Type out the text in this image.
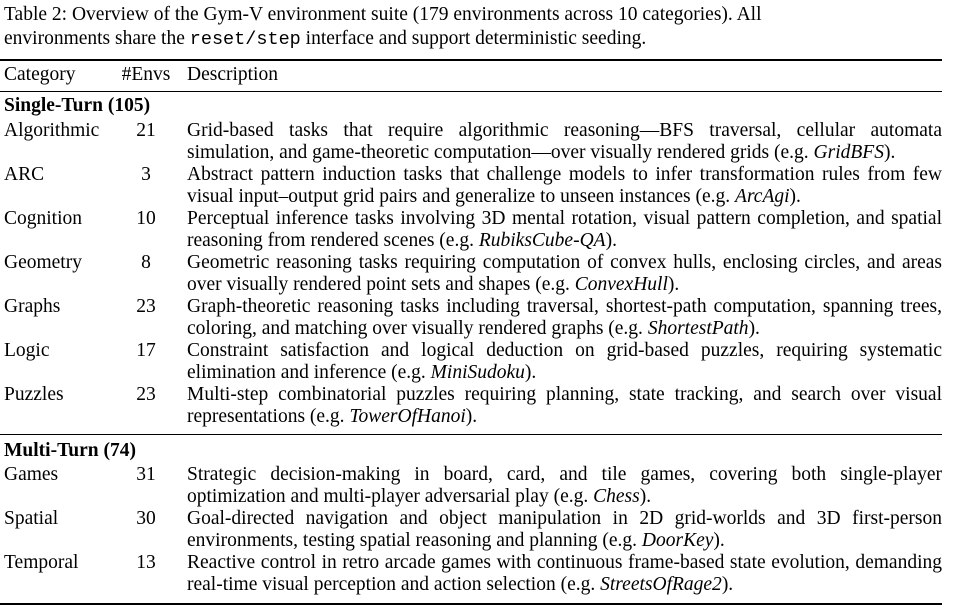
Table 2: Overview of the Gym-V environment suite (179 environments across 10 categories). All
environments share the reset/step interface and support deterministic seeding.
Category #Envs Description
Single-Turn (105)
Algorithmic	21	Grid-based tasks that require algorithmic reasoning—BFS traversal, cellular automata simulation, and game-theoretic computation—over visually rendered grids (e.g. GridBFS).
ARC	3	Abstract pattern induction tasks that challenge models to infer transformation rules from few visual input–output grid pairs and generalize to unseen instances (e.g. ArcAgi).
Cognition	10	Perceptual inference tasks involving 3D mental rotation, visual pattern completion, and spatial reasoning from rendered scenes (e.g. RubiksCube-QA).
Geometry	8	Geometric reasoning tasks requiring computation of convex hulls, enclosing circles, and areas over visually rendered point sets and shapes (e.g. ConvexHull).
Graphs	23	Graph-theoretic reasoning tasks including traversal, shortest-path computation, spanning trees, coloring, and matching over visually rendered graphs (e.g. ShortestPath).
Logic	17	Constraint satisfaction and logical deduction on grid-based puzzles, requiring systematic elimination and inference (e.g. MiniSudoku).
Puzzles	23	Multi-step combinatorial puzzles requiring planning, state tracking, and search over visual representations (e.g. TowerOfHanoi).
Multi-Turn (74)
Games	31	Strategic decision-making in board, card, and tile games, covering both single-player optimization and multi-player adversarial play (e.g. Chess).
Spatial	30	Goal-directed navigation and object manipulation in 2D grid-worlds and 3D first-person environments, testing spatial reasoning and planning (e.g. DoorKey).
Temporal	13	Reactive control in retro arcade games with continuous frame-based state evolution, demanding real-time visual perception and action selection (e.g. StreetsOfRage2).
